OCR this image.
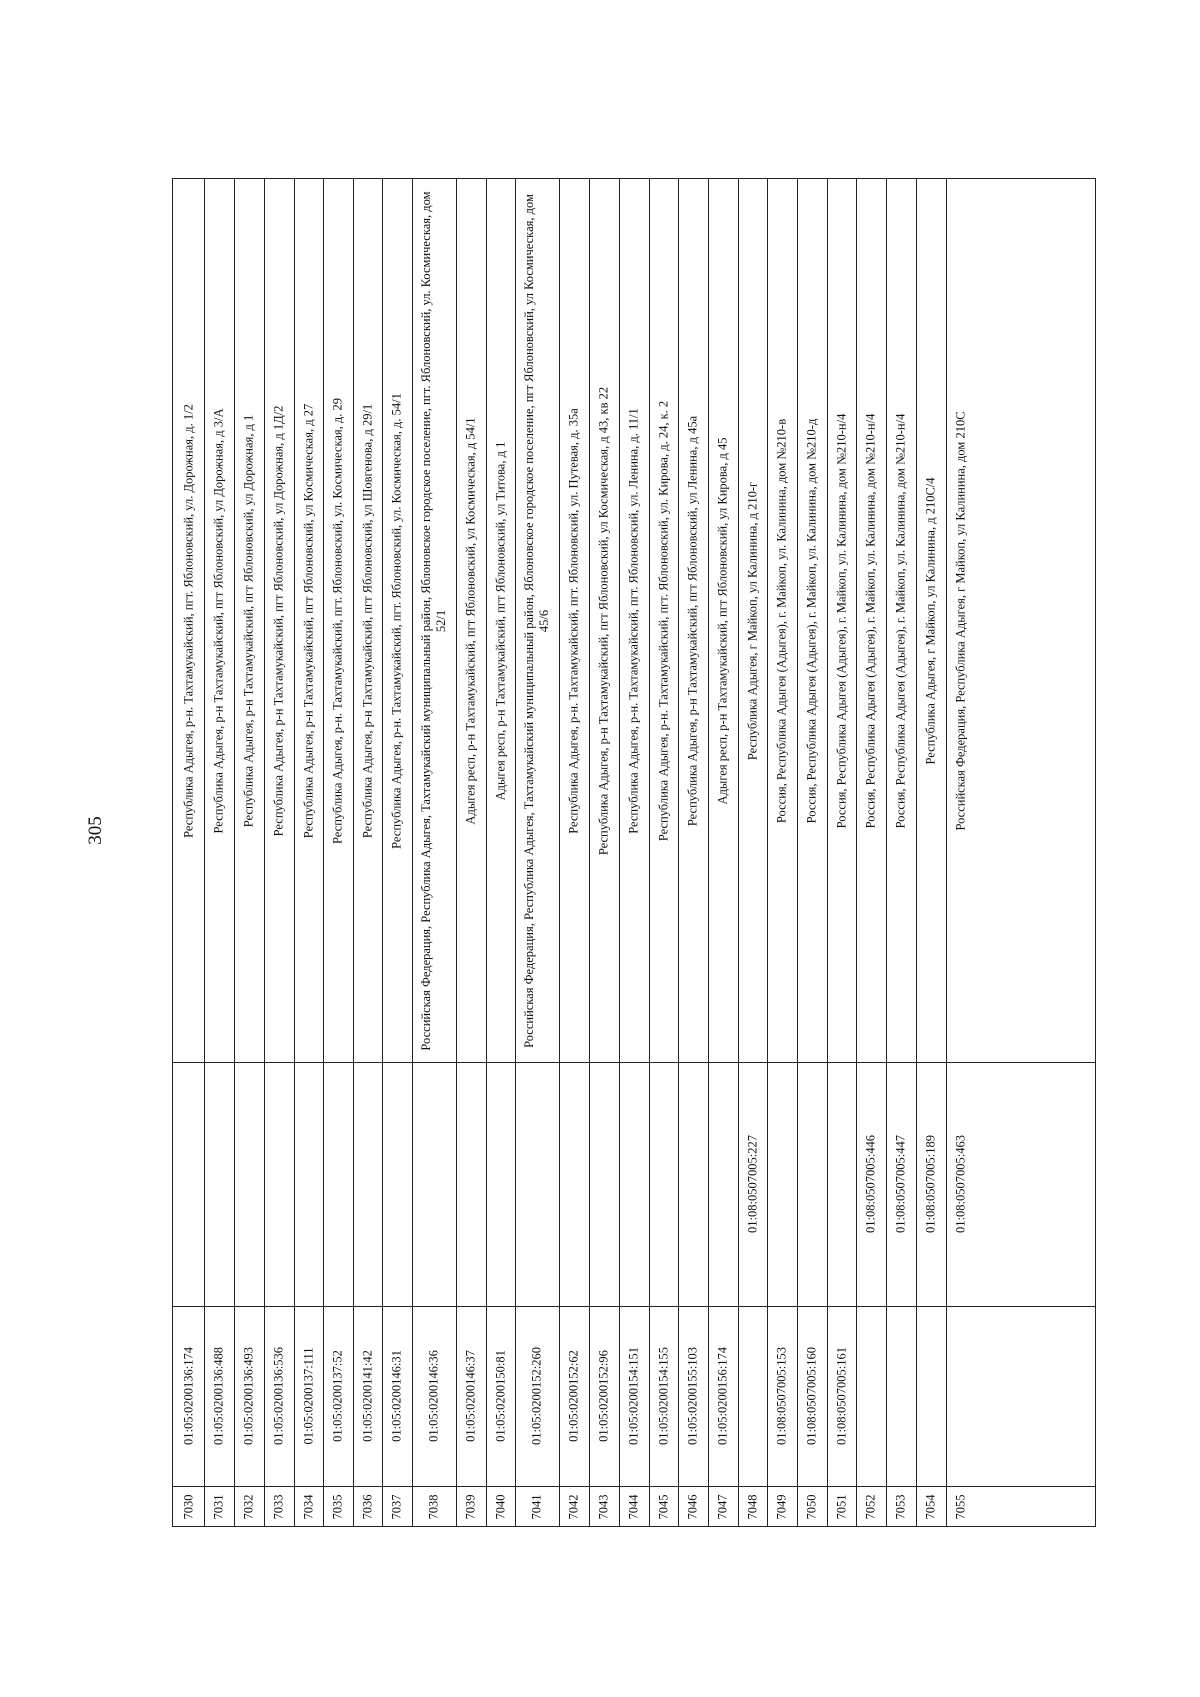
305
7030
01:05:0200136:174
Республика Адыгея, р-н. Тахтамукайский, пгт. Яблоновский, ул. Дорожная, д. 1/2
7031
01:05:0200136:488
Республика Адыгея, р-н Тахтамукайский, пгт Яблоновский, ул Дорожная, д 3/А
7032
01:05:0200136:493
Республика Адыгея, р-н Тахтамукайский, пгт Яблоновский, ул Дорожная, д 1
7033
01:05:0200136:536
Республика Адыгея, р-н Тахтамукайский, пгт Яблоновский, ул Дорожная, д 1Д/2
7034
01:05:0200137:111
Республика Адыгея, р-н Тахтамукайский, пгт Яблоновский, ул Космическая, д 27
7035
01:05:0200137:52
Республика Адыгея, р-н. Тахтамукайский, пгт. Яблоновский, ул. Космическая, д. 29
7036
01:05:0200141:42
Республика Адыгея, р-н Тахтамукайский, пгт Яблоновский, ул Шовгенова, д 29/1
7037
01:05:0200146:31
Республика Адыгея, р-н. Тахтамукайский, пгт. Яблоновский, ул. Космическая, д. 54/1
7038
01:05:0200146:36
Российская Федерация, Республика Адыгея, Тахтамукайский муниципальный район, Яблоновское городское поселение, пгт. Яблоновский, ул. Космическая, дом 52/1
7039
01:05:0200146:37
Адыгея респ, р-н Тахтамукайский, пгт Яблоновский, ул Космическая, д 54/1
7040
01:05:0200150:81
Адыгея респ, р-н Тахтамукайский, пгт Яблоновский, ул Титова, д 1
7041
01:05:0200152:260
Российская Федерация, Республика Адыгея, Тахтамукайский муниципальный район, Яблоновское городское поселение, пгт Яблоновский, ул Космическая, дом 45/6
7042
01:05:0200152:62
Республика Адыгея, р-н. Тахтамукайский, пгт. Яблоновский, ул. Путевая, д. 35а
7043
01:05:0200152:96
Республика Адыгея, р-н Тахтамукайский, пгт Яблоновский, ул Космическая, д 43, кв 22
7044
01:05:0200154:151
Республика Адыгея, р-н. Тахтамукайский, пгт. Яблоновский, ул. Ленина, д. 11/1
7045
01:05:0200154:155
Республика Адыгея, р-н. Тахтамукайский, пгт. Яблоновский, ул. Кирова, д. 24, к. 2
7046
01:05:0200155:103
Республика Адыгея, р-н Тахтамукайский, пгт Яблоновский, ул Ленина, д 45а
7047
01:05:0200156:174
Адыгея респ, р-н Тахтамукайский, пгт Яблоновский, ул Кирова, д 45
7048
01:08:0507005:227
Республика Адыгея, г Майкоп, ул Калинина, д 210-г
7049
01:08:0507005:153
Россия, Республика Адыгея (Адыгея), г. Майкоп, ул. Калинина, дом №210-в
7050
01:08:0507005:160
Россия, Республика Адыгея (Адыгея), г. Майкоп, ул. Калинина, дом №210-д
7051
01:08:0507005:161
Россия, Республика Адыгея (Адыгея), г. Майкоп, ул. Калинина, дом №210-н/4
7052
01:08:0507005:446
Россия, Республика Адыгея (Адыгея), г. Майкоп, ул. Калинина, дом №210-н/4
7053
01:08:0507005:447
Россия, Республика Адыгея (Адыгея), г. Майкоп, ул. Калинина, дом №210-н/4
7054
01:08:0507005:189
Республика Адыгея, г Майкоп, ул Калинина, д 210С/4
7055
01:08:0507005:463
Российская Федерация, Республика Адыгея, г Майкоп, ул Калинина, дом 210С
